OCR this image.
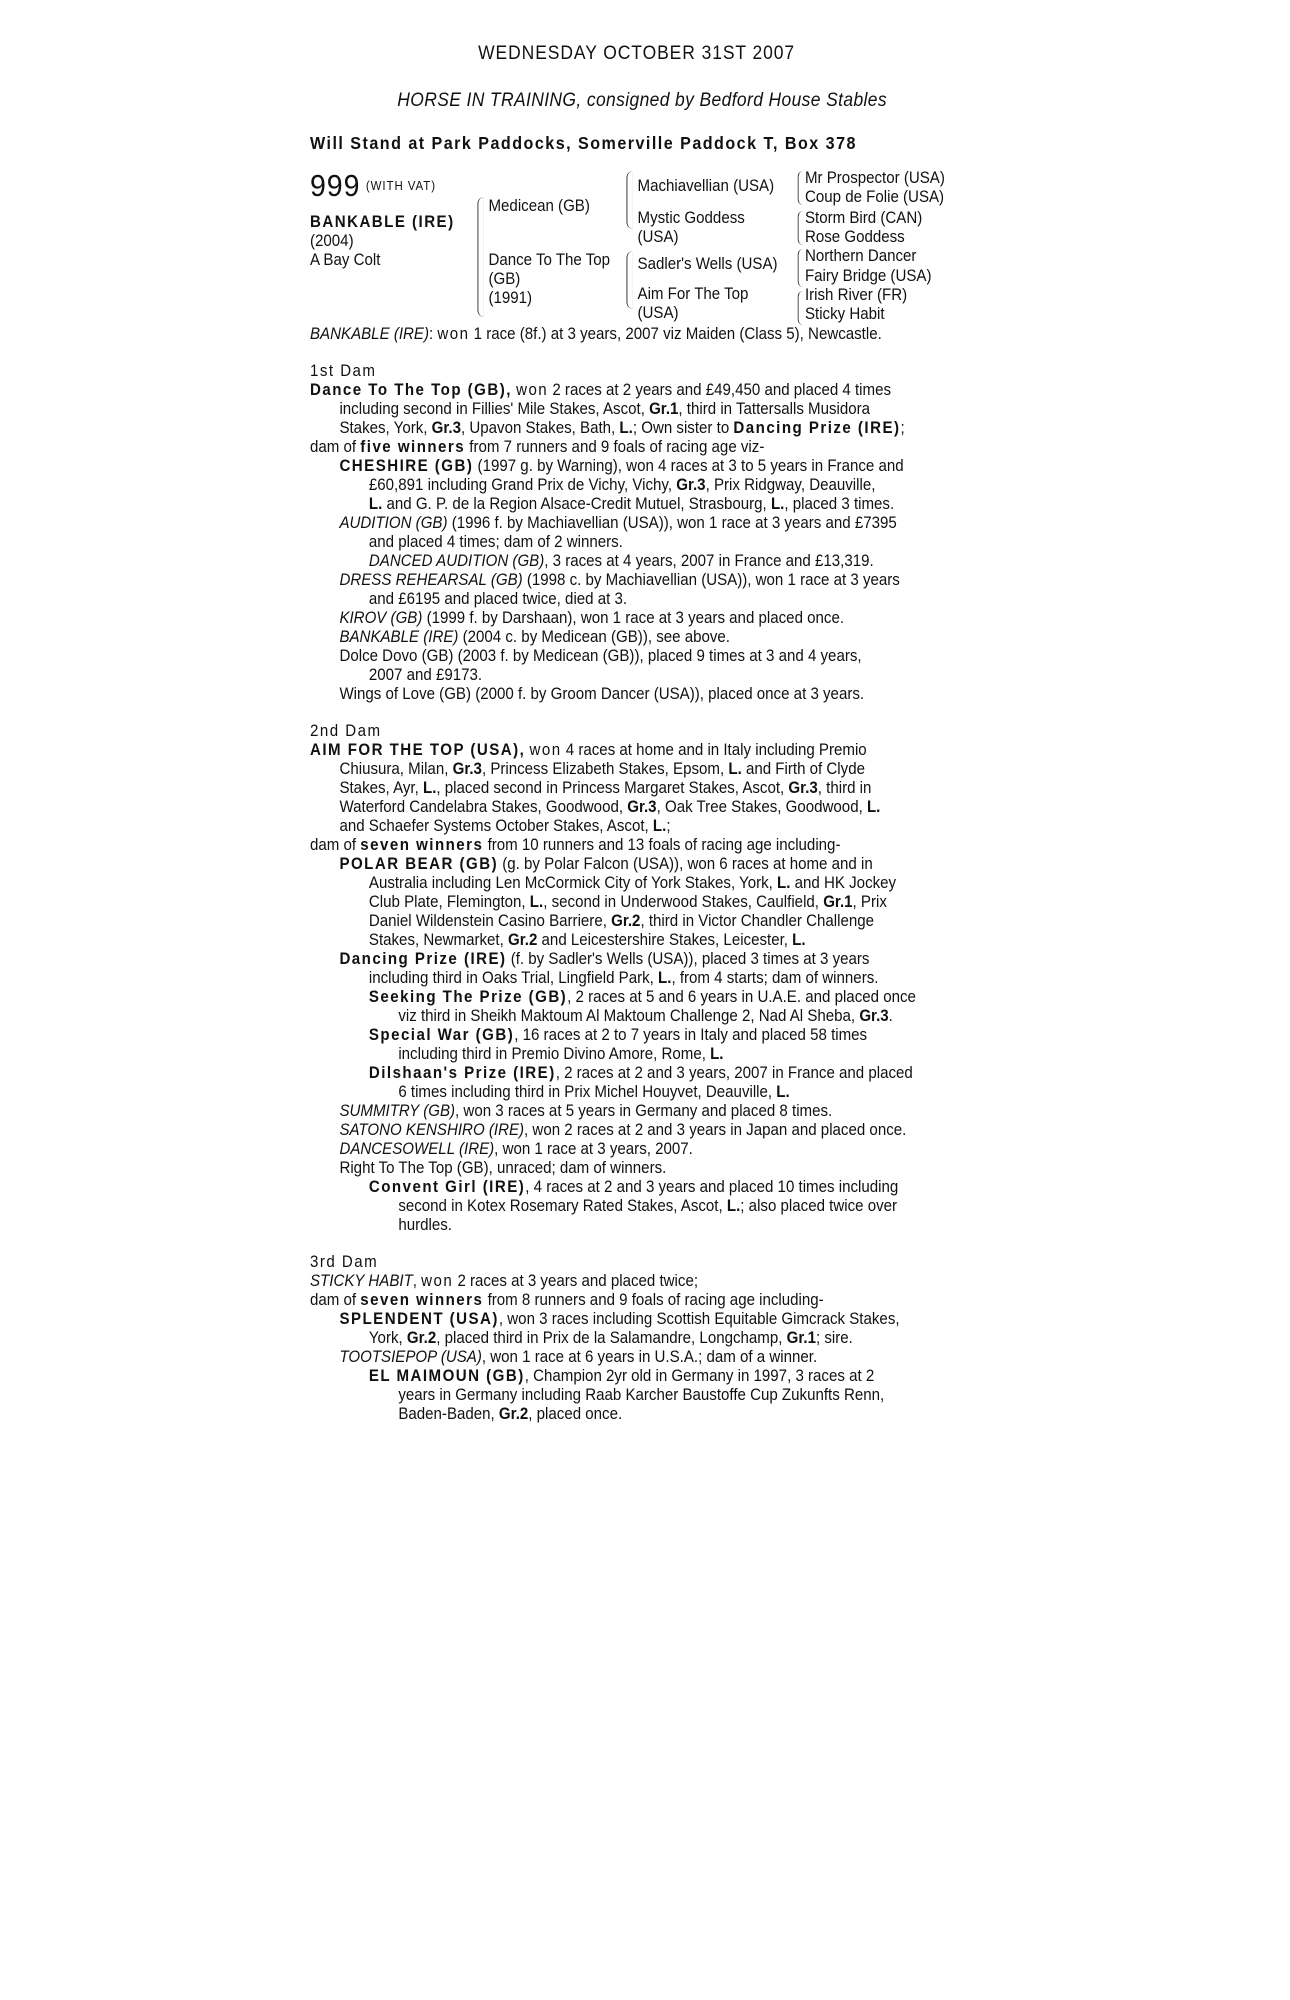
WEDNESDAY OCTOBER 31ST 2007
HORSE IN TRAINING, consigned by Bedford House Stables
Will Stand at Park Paddocks, Somerville Paddock T, Box 378
999 (WITH VAT)
BANKABLE (IRE)
(2004)
A Bay Colt
Medicean (GB)
Dance To The Top
(GB)
(1991)
Machiavellian (USA)
Mystic Goddess
(USA)
Sadler's Wells (USA)
Aim For The Top
(USA)
Mr Prospector (USA)
Coup de Folie (USA)
Storm Bird (CAN)
Rose Goddess
Northern Dancer
Fairy Bridge (USA)
Irish River (FR)
Sticky Habit

BANKABLE (IRE): won 1 race (8f.) at 3 years, 2007 viz Maiden (Class 5), Newcastle.

1st Dam

Dance To The Top (GB), won 2 races at 2 years and £49,450 and placed 4 times
including second in Fillies' Mile Stakes, Ascot, Gr.1, third in Tattersalls Musidora
Stakes, York, Gr.3, Upavon Stakes, Bath, L.; Own sister to Dancing Prize (IRE);

dam of five winners from 7 runners and 9 foals of racing age viz-

CHESHIRE (GB) (1997 g. by Warning), won 4 races at 3 to 5 years in France and
£60,891 including Grand Prix de Vichy, Vichy, Gr.3, Prix Ridgway, Deauville,
L. and G. P. de la Region Alsace-Credit Mutuel, Strasbourg, L., placed 3 times.

AUDITION (GB) (1996 f. by Machiavellian (USA)), won 1 race at 3 years and £7395
and placed 4 times; dam of 2 winners.

DANCED AUDITION (GB), 3 races at 4 years, 2007 in France and £13,319.

DRESS REHEARSAL (GB) (1998 c. by Machiavellian (USA)), won 1 race at 3 years
and £6195 and placed twice, died at 3.

KIROV (GB) (1999 f. by Darshaan), won 1 race at 3 years and placed once.

BANKABLE (IRE) (2004 c. by Medicean (GB)), see above.

Dolce Dovo (GB) (2003 f. by Medicean (GB)), placed 9 times at 3 and 4 years,
2007 and £9173.

Wings of Love (GB) (2000 f. by Groom Dancer (USA)), placed once at 3 years.

2nd Dam

AIM FOR THE TOP (USA), won 4 races at home and in Italy including Premio
Chiusura, Milan, Gr.3, Princess Elizabeth Stakes, Epsom, L. and Firth of Clyde
Stakes, Ayr, L., placed second in Princess Margaret Stakes, Ascot, Gr.3, third in
Waterford Candelabra Stakes, Goodwood, Gr.3, Oak Tree Stakes, Goodwood, L.
and Schaefer Systems October Stakes, Ascot, L.;

dam of seven winners from 10 runners and 13 foals of racing age including-

POLAR BEAR (GB) (g. by Polar Falcon (USA)), won 6 races at home and in
Australia including Len McCormick City of York Stakes, York, L. and HK Jockey
Club Plate, Flemington, L., second in Underwood Stakes, Caulfield, Gr.1, Prix
Daniel Wildenstein Casino Barriere, Gr.2, third in Victor Chandler Challenge
Stakes, Newmarket, Gr.2 and Leicestershire Stakes, Leicester, L.

Dancing Prize (IRE) (f. by Sadler's Wells (USA)), placed 3 times at 3 years
including third in Oaks Trial, Lingfield Park, L., from 4 starts; dam of winners.

Seeking The Prize (GB), 2 races at 5 and 6 years in U.A.E. and placed once
viz third in Sheikh Maktoum Al Maktoum Challenge 2, Nad Al Sheba, Gr.3.

Special War (GB), 16 races at 2 to 7 years in Italy and placed 58 times
including third in Premio Divino Amore, Rome, L.

Dilshaan's Prize (IRE), 2 races at 2 and 3 years, 2007 in France and placed
6 times including third in Prix Michel Houyvet, Deauville, L.

SUMMITRY (GB), won 3 races at 5 years in Germany and placed 8 times.

SATONO KENSHIRO (IRE), won 2 races at 2 and 3 years in Japan and placed once.

DANCESOWELL (IRE), won 1 race at 3 years, 2007.

Right To The Top (GB), unraced; dam of winners.

Convent Girl (IRE), 4 races at 2 and 3 years and placed 10 times including
second in Kotex Rosemary Rated Stakes, Ascot, L.; also placed twice over
hurdles.

3rd Dam

STICKY HABIT, won 2 races at 3 years and placed twice;

dam of seven winners from 8 runners and 9 foals of racing age including-

SPLENDENT (USA), won 3 races including Scottish Equitable Gimcrack Stakes,
York, Gr.2, placed third in Prix de la Salamandre, Longchamp, Gr.1; sire.

TOOTSIEPOP (USA), won 1 race at 6 years in U.S.A.; dam of a winner.

EL MAIMOUN (GB), Champion 2yr old in Germany in 1997, 3 races at 2
years in Germany including Raab Karcher Baustoffe Cup Zukunfts Renn,
Baden-Baden, Gr.2, placed once.
